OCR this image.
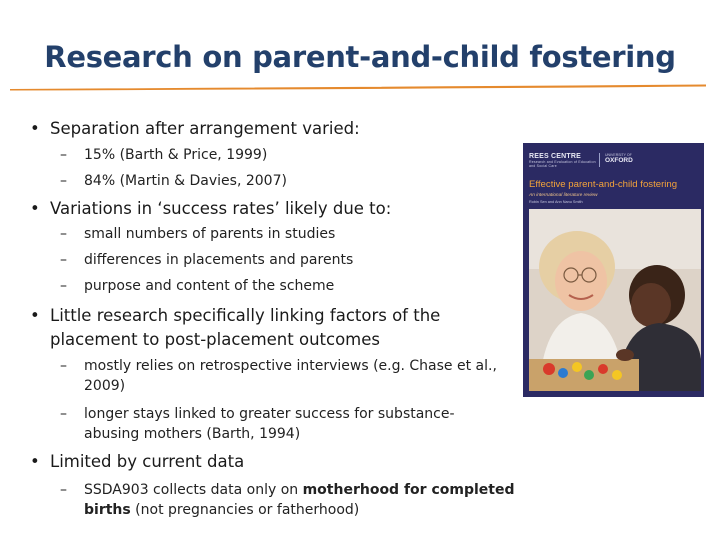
Research on parent-and-child fostering
• Separation after arrangement varied:
– 15% (Barth & Price, 1999)
– 84% (Martin & Davies, 2007)
• Variations in ‘success rates’ likely due to:
– small numbers of parents in studies
– differences in placements and parents
– purpose and content of the scheme
• Little research specifically linking factors of the
placement to post-placement outcomes
– mostly relies on retrospective interviews (e.g. Chase et al.,
2009)
– longer stays linked to greater success for substance-
abusing mothers (Barth, 1994)
• Limited by current data
– SSDA903 collects data only on motherhood for completed
births (not pregnancies or fatherhood)
REES CENTRE
Research and Evaluation of Education and Social Care
UNIVERSITY OF
OXFORD
Effective parent-and-child fostering
An international literature review
Robin Sen and Ann Nanu Smith
